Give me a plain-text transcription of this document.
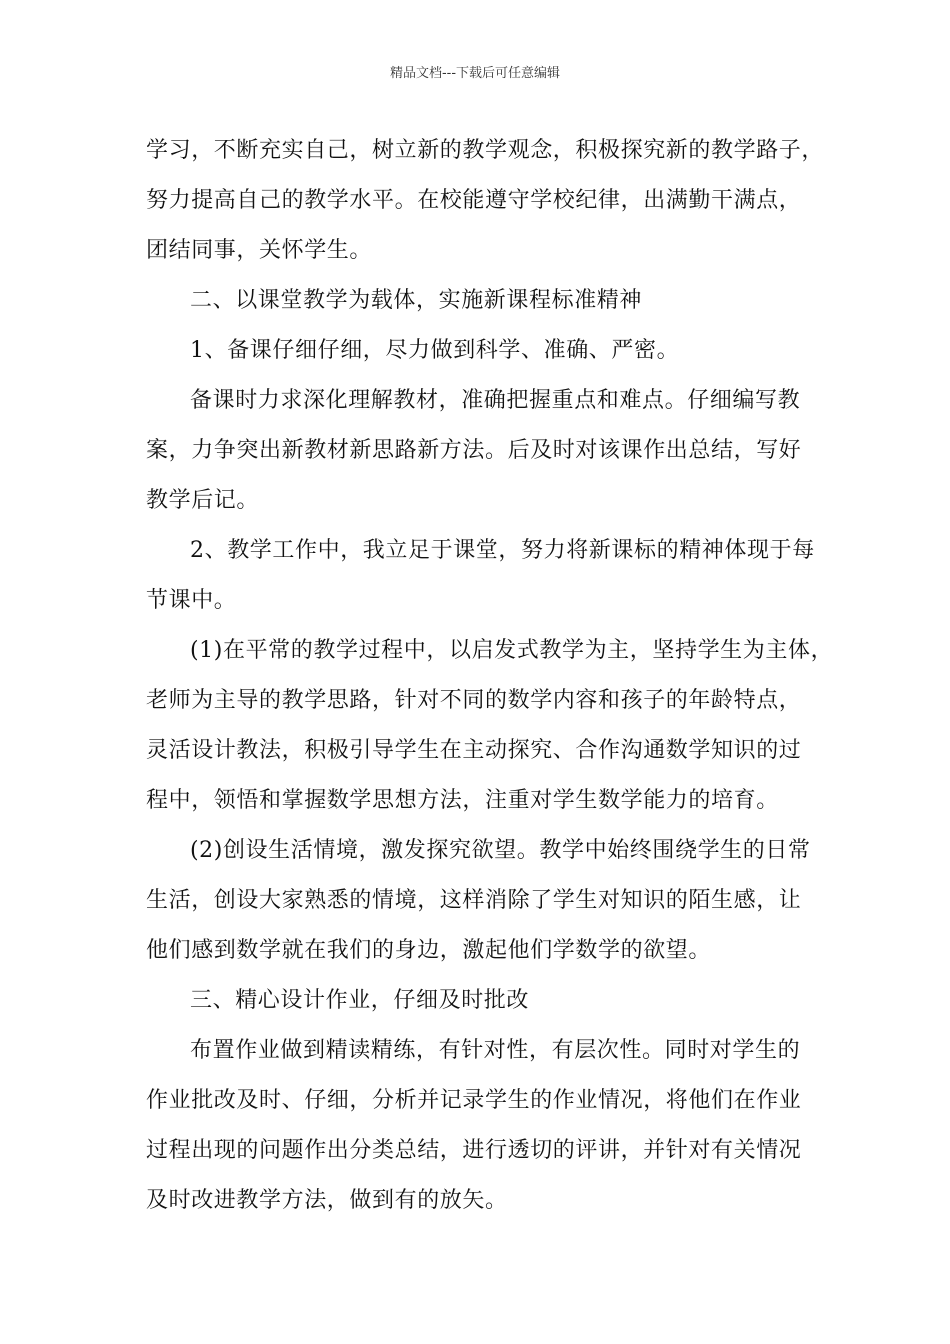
精品文档---下载后可任意编辑

学习，不断充实自己，树立新的教学观念，积极探究新的教学路子，
努力提高自己的教学水平。在校能遵守学校纪律，出满勤干满点，
团结同事，关怀学生。

二、以课堂教学为载体，实施新课程标准精神

1、备课仔细仔细，尽力做到科学、准确、严密。

备课时力求深化理解教材，准确把握重点和难点。仔细编写教
案，力争突出新教材新思路新方法。后及时对该课作出总结，写好
教学后记。

2、教学工作中，我立足于课堂，努力将新课标的精神体现于每
节课中。

(1)在平常的教学过程中，以启发式教学为主，坚持学生为主体，
老师为主导的教学思路，针对不同的数学内容和孩子的年龄特点，
灵活设计教法，积极引导学生在主动探究、合作沟通数学知识的过
程中，领悟和掌握数学思想方法，注重对学生数学能力的培育。

(2)创设生活情境，激发探究欲望。教学中始终围绕学生的日常
生活，创设大家熟悉的情境，这样消除了学生对知识的陌生感，让
他们感到数学就在我们的身边，激起他们学数学的欲望。

三、精心设计作业，仔细及时批改

布置作业做到精读精练，有针对性，有层次性。同时对学生的
作业批改及时、仔细，分析并记录学生的作业情况，将他们在作业
过程出现的问题作出分类总结，进行透切的评讲，并针对有关情况
及时改进教学方法，做到有的放矢。
